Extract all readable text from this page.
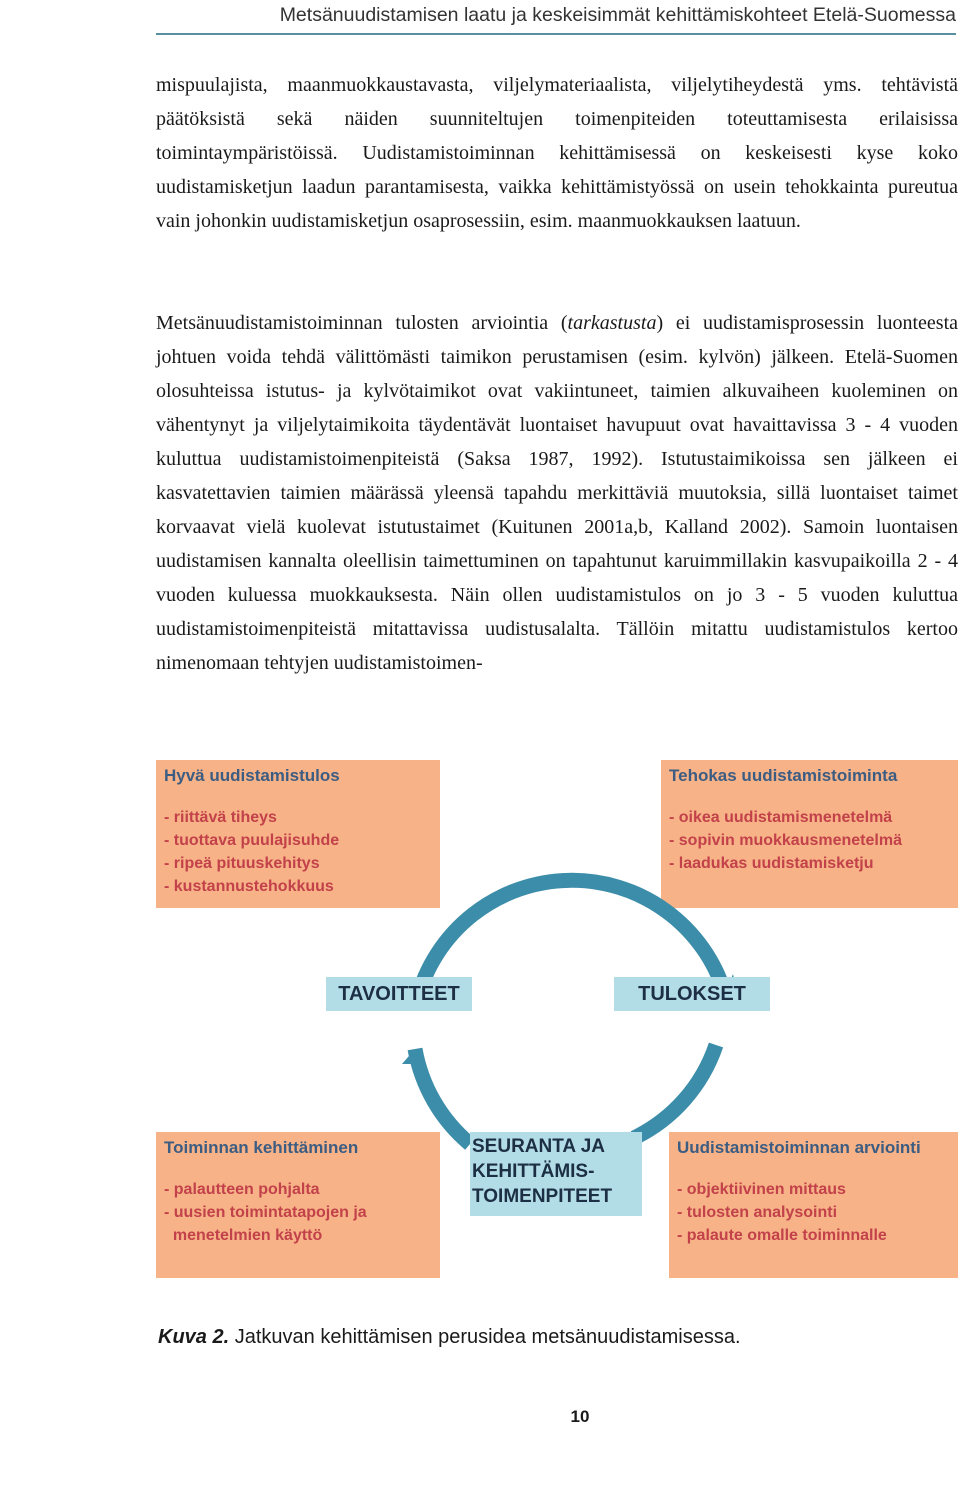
Metsänuudistamisen laatu ja keskeisimmät kehittämiskohteet Etelä-Suomessa

mispuulajista, maanmuokkaustavasta, viljelymateriaalista, viljelytiheydestä yms. tehtävistä päätöksistä sekä näiden suunniteltujen toimenpiteiden toteuttamisesta erilaisissa toimintaympäristöissä. Uudistamistoiminnan kehittämisessä on keskeisesti kyse koko uudistamisketjun laadun parantamisesta, vaikka kehittämistyössä on usein tehokkainta pureutua vain johonkin uudistamisketjun osaprosessiin, esim. maanmuokkauksen laatuun.

Metsänuudistamistoiminnan tulosten arviointia (tarkastusta) ei uudistamisprosessin luonteesta johtuen voida tehdä välittömästi taimikon perustamisen (esim. kylvön) jälkeen. Etelä-Suomen olosuhteissa istutus- ja kylvötaimikot ovat vakiintuneet, taimien alkuvaiheen kuoleminen on vähentynyt ja viljelytaimikoita täydentävät luontaiset havupuut ovat havaittavissa 3 - 4 vuoden kuluttua uudistamistoimenpiteistä (Saksa 1987, 1992). Istutustaimikoissa sen jälkeen ei kasvatettavien taimien määrässä yleensä tapahdu merkittäviä muutoksia, sillä luontaiset taimet korvaavat vielä kuolevat istutustaimet (Kuitunen 2001a,b, Kalland 2002). Samoin luontaisen uudistamisen kannalta oleellisin taimettuminen on tapahtunut karuimmillakin kasvupaikoilla 2 - 4 vuoden kuluessa muokkauksesta. Näin ollen uudistamistulos on jo 3 - 5 vuoden kuluttua uudistamistoimenpiteistä mitattavissa uudistusalalta. Tällöin mitattu uudistamistulos kertoo nimenomaan tehtyjen uudistamistoimen-

Hyvä uudistamistulos
- riittävä tiheys
- tuottava puulajisuhde
- ripeä pituuskehitys
- kustannustehokkuus
Tehokas uudistamistoiminta
- oikea uudistamismenetelmä
- sopivin muokkausmenetelmä
- laadukas uudistamisketju
Toiminnan kehittäminen
- palautteen pohjalta
- uusien toimintatapojen ja
menetelmien käyttö
Uudistamistoiminnan arviointi
- objektiivinen mittaus
- tulosten analysointi
- palaute omalle toiminnalle
TAVOITTEET	TULOKSET
SEURANTA JA
KEHITTÄMIS-
TOIMENPITEET

Kuva 2. Jatkuvan kehittämisen perusidea metsänuudistamisessa.

10
